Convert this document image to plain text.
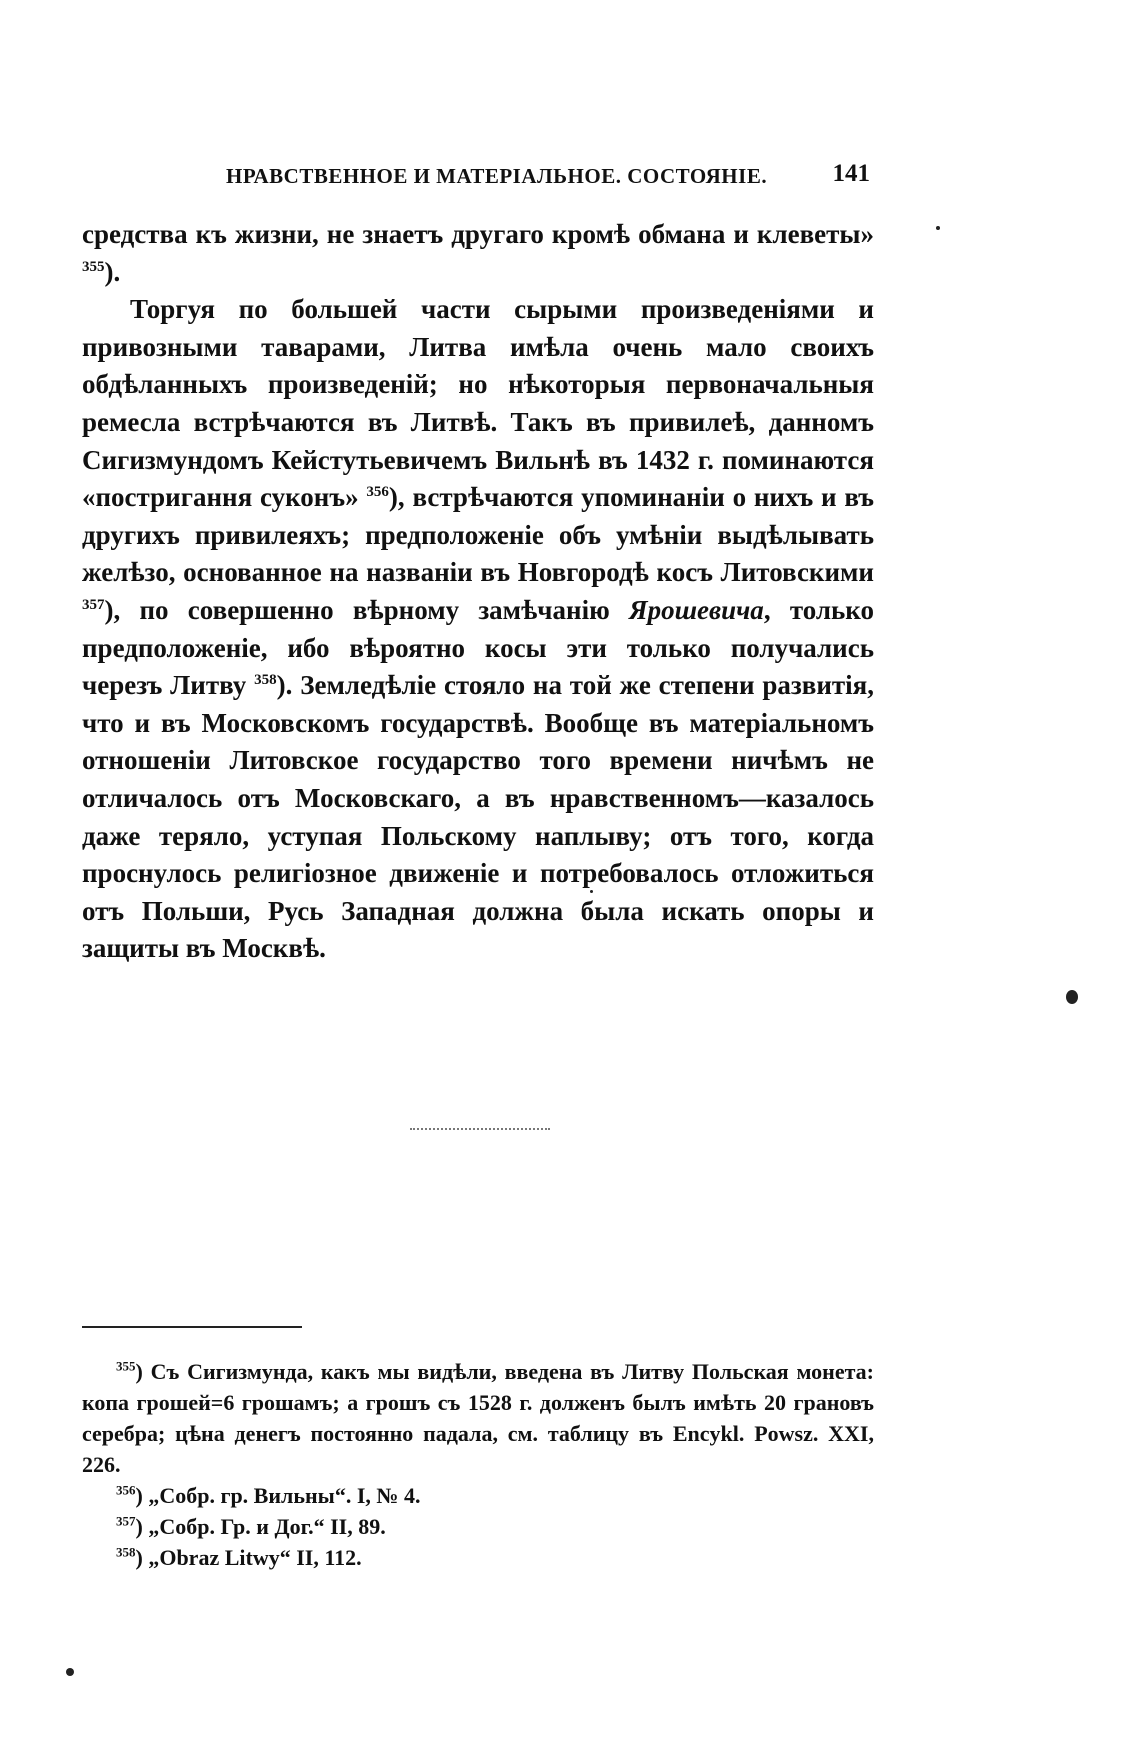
НРАВСТВЕННОЕ И МАТЕРІАЛЬНОЕ. СОСТОЯНІЕ.	141

средства къ жизни, не знаетъ другаго кромѣ обмана и клеветы» $^{355}$).

Торгуя по большей части сырыми произведеніями и привозными таварами, Литва имѣла очень мало своихъ обдѣланныхъ произведеній; но нѣкоторыя первоначальныя ремесла встрѣчаются въ Литвѣ. Такъ въ привилеѣ, данномъ Сигизмундомъ Кейстутьевичемъ Вильнѣ въ 1432 г. поминаются «постригання суконъ» $^{356}$), встрѣчаются упоминаніи о нихъ и въ другихъ привилеяхъ; предположеніе объ умѣніи выдѣлывать желѣзо, основанное на названіи въ Новгородѣ косъ Литовскими $^{357}$), по совершенно вѣрному замѣчанію Ярошевича, только предположеніе, ибо вѣроятно косы эти только получались черезъ Литву $^{358}$). Земледѣліе стояло на той же степени развитія, что и въ Московскомъ государствѣ. Вообще въ матеріальномъ отношеніи Литовское государство того времени ничѣмъ не отличалось отъ Московскаго, а въ нравственномъ—казалось даже теряло, уступая Польскому наплыву; отъ того, когда проснулось религіозное движеніе и потребовалось отложиться отъ Польши, Русь Западная должна была искать опоры и защиты въ Москвѣ.

$^{355}$) Съ Сигизмунда, какъ мы видѣли, введена въ Литву Польская монета: копа грошей=6 грошамъ; а грошъ съ 1528 г. долженъ былъ имѣть 20 грановъ серебра; цѣна денегъ постоянно падала, см. таблицу въ Encykl. Powsz. XXI, 226.

$^{356}$) „Собр. гр. Вильны“. I, № 4.

$^{357}$) „Собр. Гр. и Дог.“ II, 89.

$^{358}$) „Obraz Litwy“ II, 112.
